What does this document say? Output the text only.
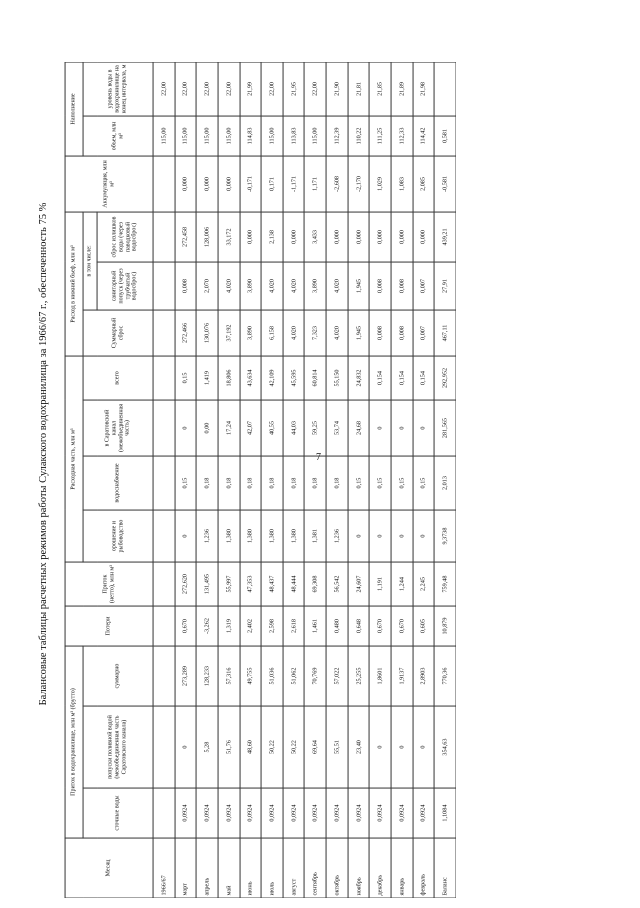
7
Балансовые таблицы расчетных режимов работы Сулакского водохранилища за 1966/67 г., обеспеченность 75 %
Месяц	Приток в водохранилище, млн м³ (брутто)			Потери	Приток (нетто), млн м³	Расходная часть, млн м³				Расход в нижний бьеф, млн м³			Аккумуляция, млн м³	Наполнение	
	сточные воды	попуски поливной водой (межобъединенная часть Саратовского канала)	суммарно			орошение и рыбоводство	водоснабжение	в Саратовский канал (межобъединенная часть)	всего	Суммарный сброс	в том числе:			объем, млн м³	уровень воды в водохранилище на конец интервала, м
											санитарный попуск (через трубчатый водосброс)	сброс излишков воды (через паводковый водосброс)			
1966/67														115,00	22,00
март	0,0924	0	273,289	0,670	272,620	0	0,15	0	0,15	272,466	0,008	272,458	0,000	115,00	22,00
апрель	0,0924	5,28	128,233	-3,262	131,495	1,236	0,18	0,00	1,419	130,076	2,070	128,006	0,000	115,00	22,00
май	0,0924	51,76	57,316	1,319	55,997	1,380	0,18	17,24	18,806	37,192	4,020	33,172	0,000	115,00	22,00
июнь	0,0924	48,60	49,755	2,402	47,353	1,380	0,18	42,07	43,634	3,890	3,890	0,000	-0,171	114,83	21,99
июль	0,0924	50,22	51,036	2,598	48,437	1,380	0,18	40,55	42,109	6,158	4,020	2,138	0,171	115,00	22,00
август	0,0924	50,22	51,062	2,618	48,444	1,380	0,18	44,03	45,595	4,020	4,020	0,000	-1,171	113,83	21,95
сентябрь	0,0924	69,64	70,769	1,461	69,308	1,381	0,18	59,25	60,814	7,323	3,890	3,433	1,171	115,00	22,00
октябрь	0,0924	55,51	57,022	0,480	56,542	1,236	0,18	53,74	55,150	4,020	4,020	0,000	-2,608	112,39	21,90
ноябрь	0,0924	23,40	25,255	0,648	24,607	0	0,15	24,68	24,832	1,945	1,945	0,000	-2,170	110,22	21,81
декабрь	0,0924	0	1,8601	0,670	1,191	0	0,15	0	0,154	0,008	0,008	0,000	1,029	111,25	21,85
январь	0,0924	0	1,9137	0,670	1,244	0	0,15	0	0,154	0,008	0,008	0,000	1,083	112,33	21,89
февраль	0,0924	0	2,8903	0,605	2,245	0	0,15	0	0,154	0,007	0,007	0,000	2,085	114,42	21,98
Баланс	1,1084	354,63	770,36	10,879	759,48	9,3738	2,013	281,565	292,952	467,11	27,91	439,21	-0,581	0,581	
